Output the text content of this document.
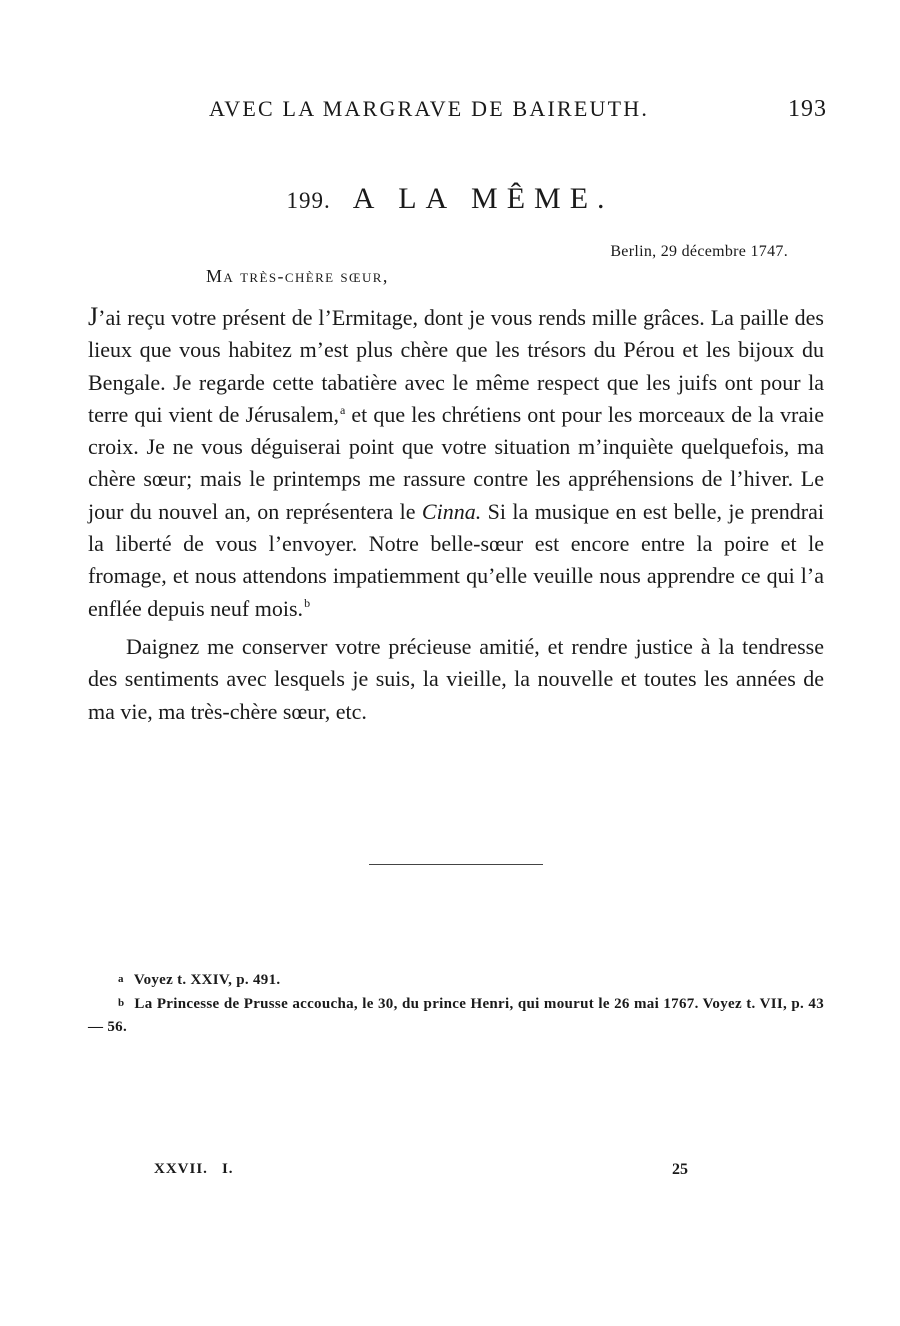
AVEC LA MARGRAVE DE BAIREUTH.	193
199. A LA MÊME.
Berlin, 29 décembre 1747.
Ma très-chère sœur,

J’ai reçu votre présent de l’Ermitage, dont je vous rends mille grâces. La paille des lieux que vous habitez m’est plus chère que les trésors du Pérou et les bijoux du Bengale. Je regarde cette tabatière avec le même respect que les juifs ont pour la terre qui vient de Jérusalem,$^a$ et que les chrétiens ont pour les morceaux de la vraie croix. Je ne vous déguiserai point que votre situation m’inquiète quelquefois, ma chère sœur; mais le printemps me rassure contre les appréhensions de l’hiver. Le jour du nouvel an, on représentera le Cinna. Si la musique en est belle, je prendrai la liberté de vous l’envoyer. Notre belle-sœur est encore entre la poire et le fromage, et nous attendons impatiemment qu’elle veuille nous apprendre ce qui l’a enflée depuis neuf mois.$^b$

Daignez me conserver votre précieuse amitié, et rendre justice à la tendresse des sentiments avec lesquels je suis, la vieille, la nouvelle et toutes les années de ma vie, ma très-chère sœur, etc.

a Voyez t. XXIV, p. 491.

b La Princesse de Prusse accoucha, le 30, du prince Henri, qui mourut le 26 mai 1767. Voyez t. VII, p. 43 — 56.

XXVII. I.	25
